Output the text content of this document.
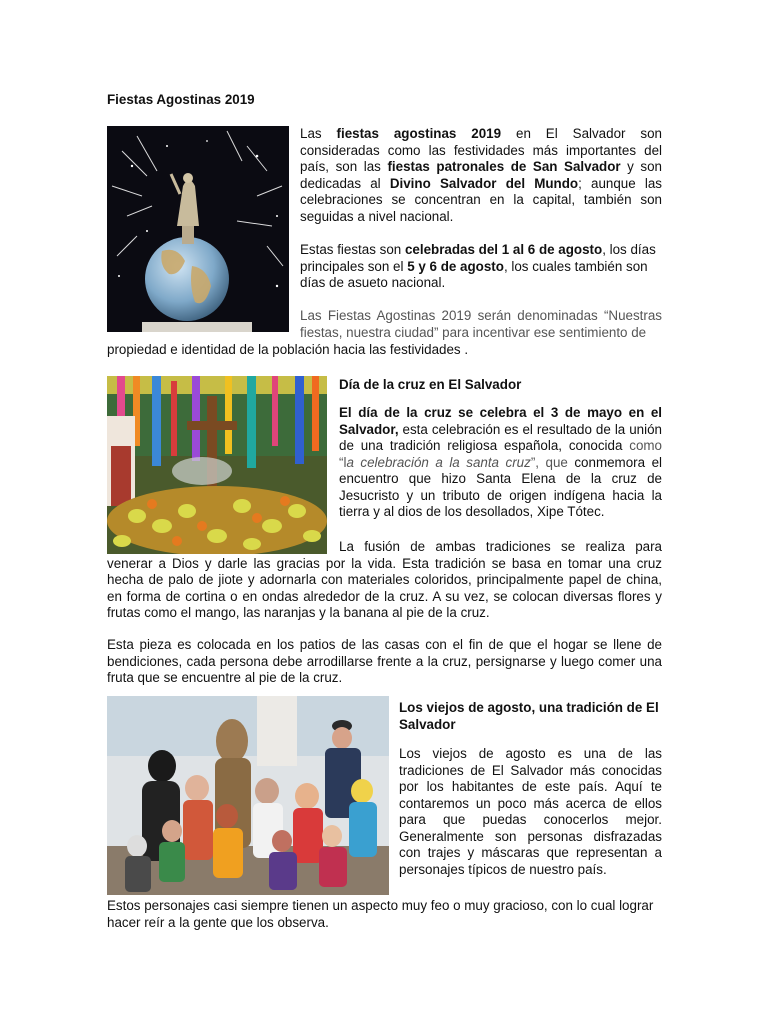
Fiestas Agostinas 2019

Las fiestas agostinas 2019 en El Salvador son consideradas como las festividades más importantes del país, son las fiestas patronales de San Salvador y son dedicadas al Divino Salvador del Mundo; aunque las celebraciones se concentran en la capital, también son seguidas a nivel nacional.

Estas fiestas son celebradas del 1 al 6 de agosto, los días principales son el 5 y 6 de agosto, los cuales también son días de asueto nacional.

Las Fiestas Agostinas 2019 serán denominadas “Nuestras fiestas, nuestra ciudad” para incentivar ese sentimiento de

propiedad e identidad de la población hacia las festividades .

Día de la cruz en El Salvador

El día de la cruz se celebra el 3 de mayo en el Salvador, esta celebración es el resultado de la unión de una tradición religiosa española, conocida como “la celebración a la santa cruz”, que conmemora el encuentro que hizo Santa Elena de la cruz de Jesucristo y un tributo de origen indígena hacia la tierra y al dios de los desollados, Xipe Tótec.

La fusión de ambas tradiciones se realiza para venerar a Dios y darle las gracias por la vida. Esta tradición se basa en tomar una cruz hecha de palo de jiote y adornarla con materiales coloridos, principalmente papel de china, en forma de cortina o en ondas alrededor de la cruz. A su vez, se colocan diversas flores y frutas como el mango, las naranjas y la banana al pie de la cruz.

Esta pieza es colocada en los patios de las casas con el fin de que el hogar se llene de bendiciones, cada persona debe arrodillarse frente a la cruz, persignarse y luego comer una fruta que se encuentre al pie de la cruz.

Los viejos de agosto, una tradición de El Salvador

Los viejos de agosto es una de las tradiciones de El Salvador más conocidas por los habitantes de este país. Aquí te contaremos un poco más acerca de ellos para que puedas conocerlos mejor. Generalmente son personas disfrazadas con trajes y máscaras que representan a personajes típicos de nuestro país.

Estos personajes casi siempre tienen un aspecto muy feo o muy gracioso, con lo cual lograr hacer reír a la gente que los observa.
